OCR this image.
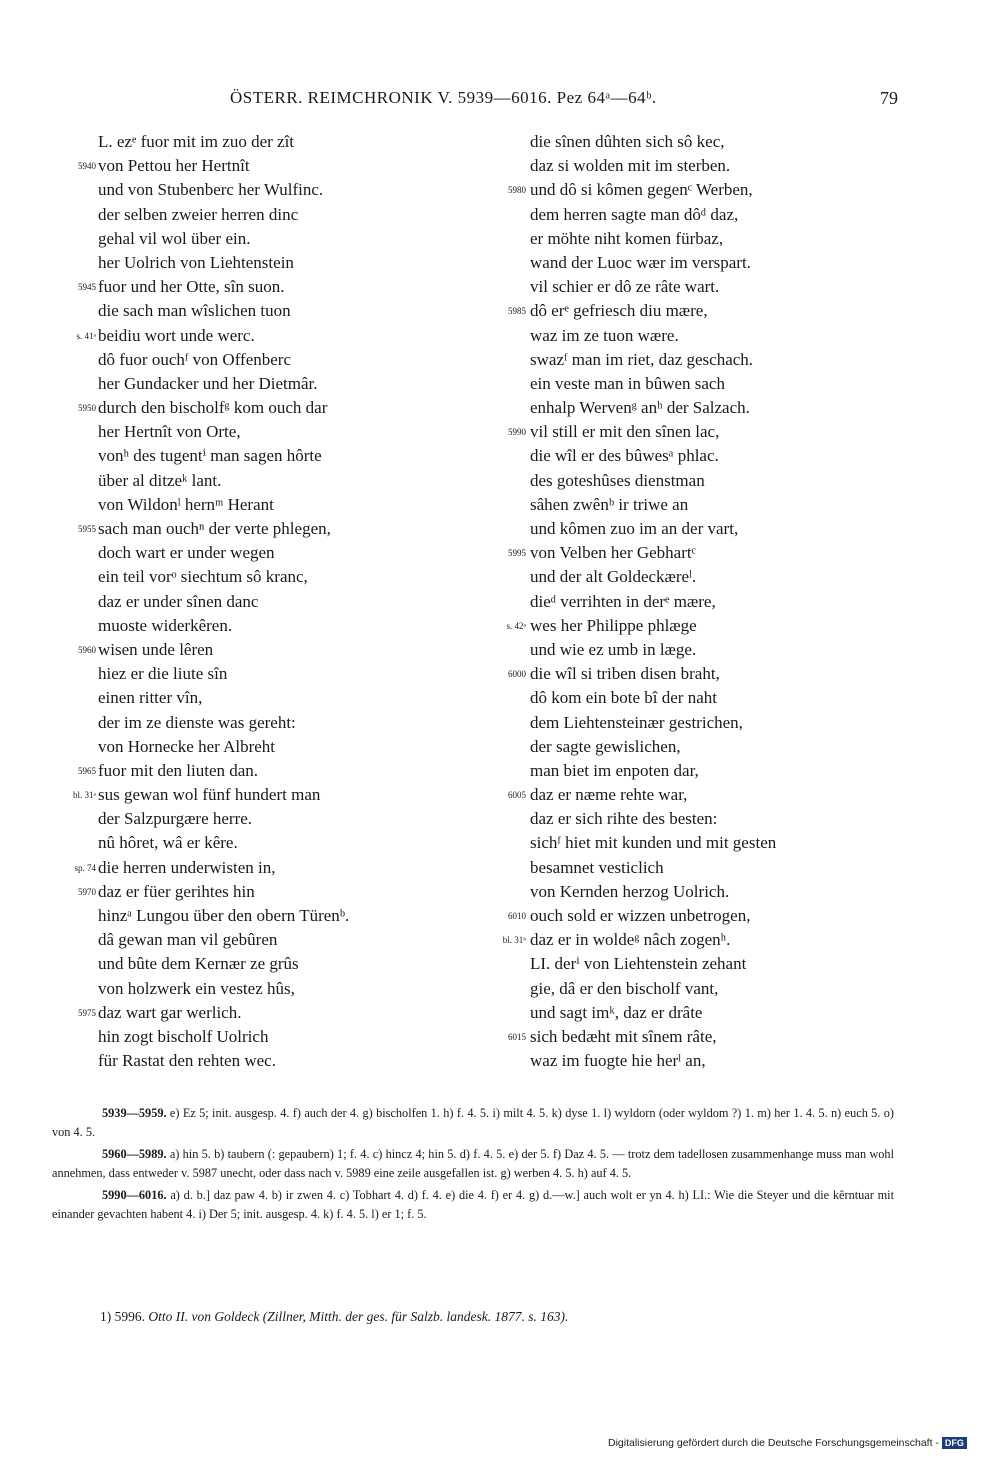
ÖSTERR. REIMCHRONIK V. 5939—6016. Pez 64ᵃ—64ᵇ.	79
L. ezᵉ fuor mit im zuo der zît
5940 von Pettou her Hertnît
und von Stubenberc her Wulfinc.
der selben zweier herren dinc
gehal vil wol über ein.
her Uolrich von Liehtenstein
5945 fuor und her Otte, sîn suon.
die sach man wîslichen tuon
s. 41ᵃ beidiu wort unde werc.
dô fuor ouchᶠ von Offenberc
her Gundacker und her Dietmâr.
5950 durch den bischolfᵍ kom ouch dar
her Hertnît von Orte,
vonʰ des tugentⁱ man sagen hôrte
über al ditzeᵏ lant.
von Wildonˡ hernᵐ Herant
5955 sach man ouchⁿ der verte phlegen,
doch wart er under wegen
ein teil vorᵒ siechtum sô kranc,
daz er under sînen danc
muoste widerkêren.
5960 wisen unde lêren
hiez er die liute sîn
einen ritter vîn,
der im ze dienste was gereht:
von Hornecke her Albreht
5965 fuor mit den liuten dan.
bl. 31ᵃ sus gewan wol fünf hundert man
der Salzpurgære herre.
nû hôret, wâ er kêre.
sp. 74 die herren underwisten in,
5970 daz er füer gerihtes hin
hinzᵃ Lungou über den obern Türenᵇ.
dâ gewan man vil gebûren
und bûte dem Kernær ze grûs
von holzwerk ein vestez hûs,
5975 daz wart gar werlich.
hin zogt bischolf Uolrich
für Rastat den rehten wec.
die sînen dûhten sich sô kec,
daz si wolden mit im sterben.
5980 und dô si kômen gegenᶜ Werben,
dem herren sagte man dôᵈ daz,
er möhte niht komen fürbaz,
wand der Luoc wær im verspart.
vil schier er dô ze râte wart.
5985 dô erᵉ gefriesch diu mære,
waz im ze tuon wære.
swazᶠ man im riet, daz geschach.
ein veste man in bûwen sach
enhalp Wervenᵍ anʰ der Salzach.
5990 vil still er mit den sînen lac,
die wîl er des bûwesᵃ phlac.
des goteshûses dienstman
sâhen zwênᵇ ir triwe an
und kômen zuo im an der vart,
5995 von Velben her Gebhartᶜ
und der alt Goldeckæreˡ.
dieᵈ verrihten in derᵉ mære,
s. 42ᵃ wes her Philippe phlæge
und wie ez umb in læge.
6000 die wîl si triben disen braht,
dô kom ein bote bî der naht
dem Liehtensteinær gestrichen,
der sagte gewislichen,
man biet im enpoten dar,
6005 daz er næme rehte war,
daz er sich rihte des besten:
sichᶠ hiet mit kunden und mit gesten
besamnet vesticlich
von Kernden herzog Uolrich.
6010 ouch sold er wizzen unbetrogen,
bl. 31ᵇ daz er in woldeᵍ nâch zogenʰ.
LI. derⁱ von Liehtenstein zehant
gie, dâ er den bischolf vant,
und sagt imᵏ, daz er drâte
6015 sich bedæht mit sînem râte,
waz im fuogte hie herˡ an,
5939—5959. e) Ez 5; init. ausgesp. 4. f) auch der 4. g) bischolfen 1. h) f. 4. 5. i) milt 4. 5. k) dyse 1. l) wyldorn (oder wyldom ?) 1. m) her 1. 4. 5. n) euch 5. o) von 4. 5.
5960—5989. a) hin 5. b) taubern (: gepaubern) 1; f. 4. c) hincz 4; hin 5. d) f. 4. 5. e) der 5. f) Daz 4. 5. — trotz dem tadellosen zusammenhange muss man wohl annehmen, dass entweder v. 5987 unecht, oder dass nach v. 5989 eine zeile ausgefallen ist. g) werben 4. 5. h) auf 4. 5.
5990—6016. a) d. b.] daz paw 4. b) ir zwen 4. c) Tobhart 4. d) f. 4. e) die 4. f) er 4. g) d.—w.] auch wolt er yn 4. h) LI.: Wie die Steyer und die kêrntuar mit einander gevachten habent 4. i) Der 5; init. ausgesp. 4. k) f. 4. 5. l) er 1; f. 5.
1) 5996. Otto II. von Goldeck (Zillner, Mitth. der ges. für Salzb. landesk. 1877. s. 163).
Digitalisierung gefördert durch die Deutsche Forschungsgemeinschaft - DFG
